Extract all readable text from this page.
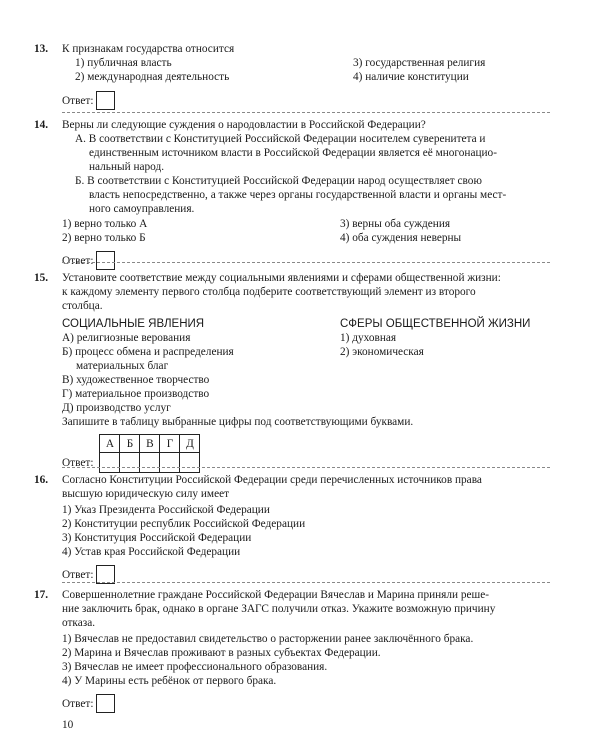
13. К признакам государства относится
1) публичная власть
2) международная деятельность
3) государственная религия
4) наличие конституции
Ответ:
14. Верны ли следующие суждения о народовластии в Российской Федерации?
А. В соответствии с Конституцией Российской Федерации носителем суверенитета и
единственным источником власти в Российской Федерации является её многонацио-
нальный народ.
Б. В соответствии с Конституцией Российской Федерации народ осуществляет свою
власть непосредственно, а также через органы государственной власти и органы мест-
ного самоуправления.
1) верно только А
2) верно только Б
3) верны оба суждения
4) оба суждения неверны
Ответ:
15. Установите соответствие между социальными явлениями и сферами общественной жизни:
к каждому элементу первого столбца подберите соответствующий элемент из второго
столбца.
СОЦИАЛЬНЫЕ ЯВЛЕНИЯ
А) религиозные верования
Б) процесс обмена и распределения
материальных благ
В) художественное творчество
Г) материальное производство
Д) производство услуг
СФЕРЫ ОБЩЕСТВЕННОЙ ЖИЗНИ
1) духовная
2) экономическая
Запишите в таблицу выбранные цифры под соответствующими буквами.
Ответ:
А	Б	В	Г	Д

16. Согласно Конституции Российской Федерации среди перечисленных источников права
высшую юридическую силу имеет
1) Указ Президента Российской Федерации
2) Конституции республик Российской Федерации
3) Конституция Российской Федерации
4) Устав края Российской Федерации
Ответ:
17. Совершеннолетние граждане Российской Федерации Вячеслав и Марина приняли реше-
ние заключить брак, однако в органе ЗАГС получили отказ. Укажите возможную причину
отказа.
1) Вячеслав не предоставил свидетельство о расторжении ранее заключённого брака.
2) Марина и Вячеслав проживают в разных субъектах Федерации.
3) Вячеслав не имеет профессионального образования.
4) У Марины есть ребёнок от первого брака.
Ответ:
10
